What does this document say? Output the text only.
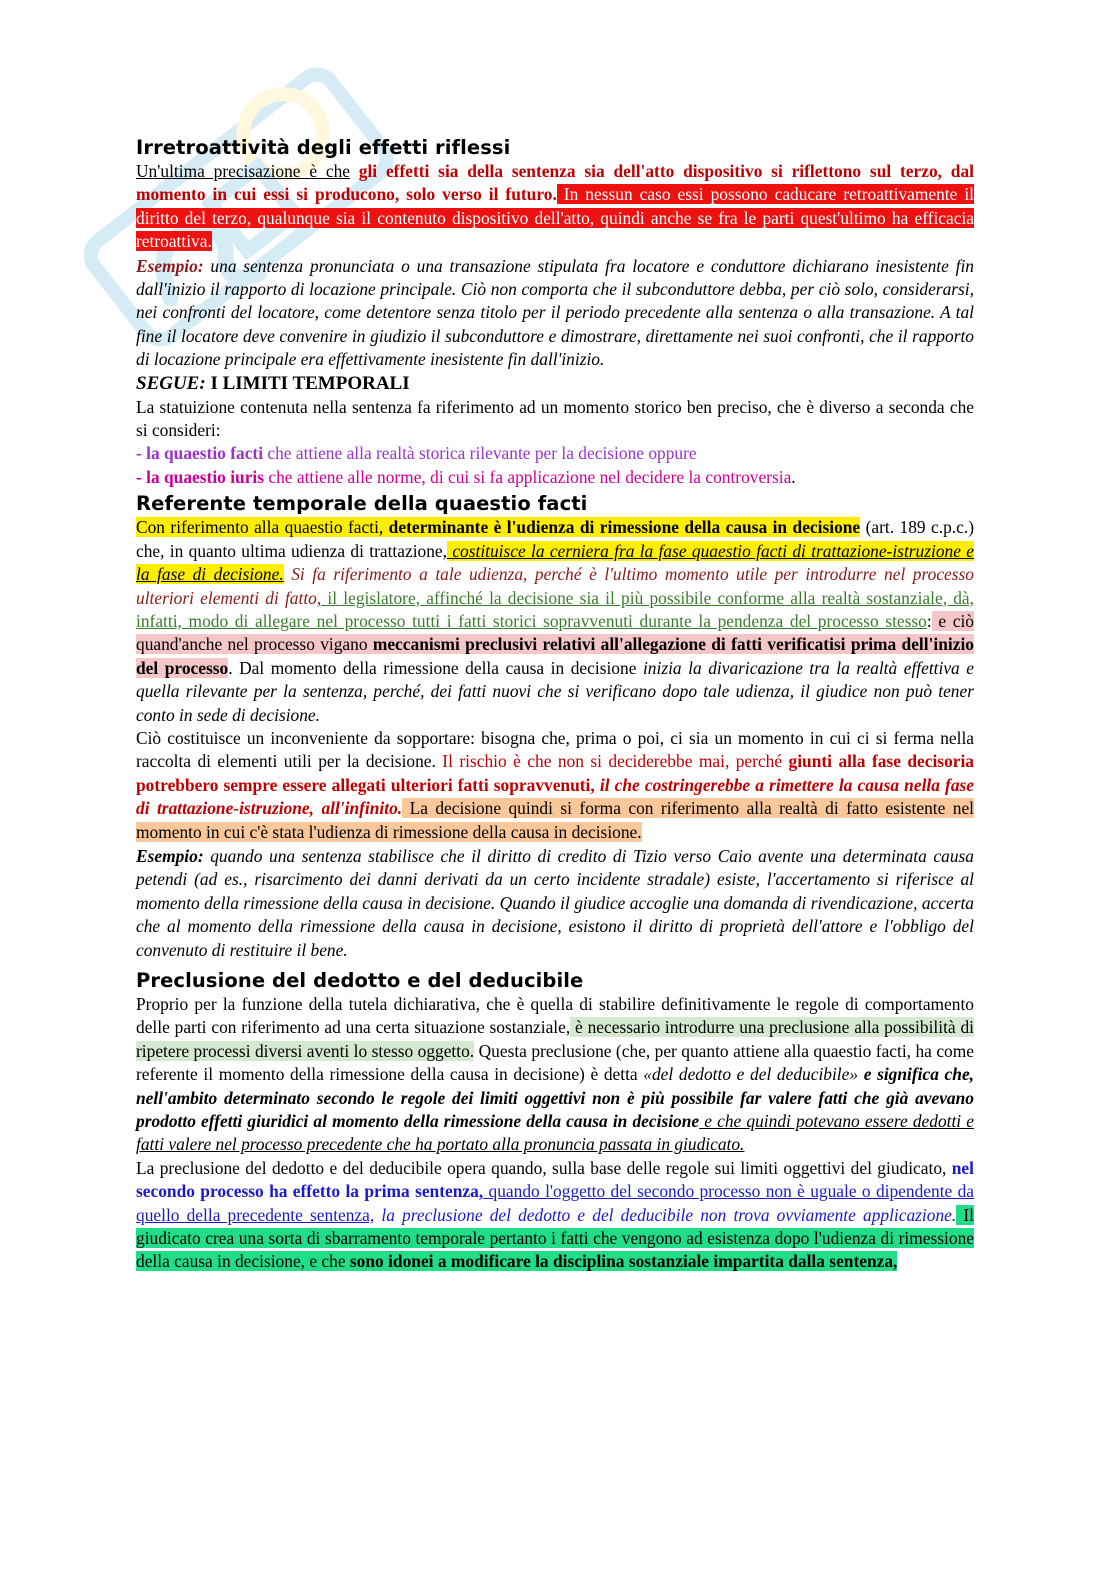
Irretroattività degli effetti riflessi

Un'ultima precisazione è che gli effetti sia della sentenza sia dell'atto dispositivo si riflettono sul terzo, dal momento in cui essi si producono, solo verso il futuro. In nessun caso essi possono caducare retroattivamente il diritto del terzo, qualunque sia il contenuto dispositivo dell'atto, quindi anche se fra le parti quest'ultimo ha efficacia retroattiva.

Esempio: una sentenza pronunciata o una transazione stipulata fra locatore e conduttore dichiarano inesistente fin dall'inizio il rapporto di locazione principale. Ciò non comporta che il subconduttore debba, per ciò solo, considerarsi, nei confronti del locatore, come detentore senza titolo per il periodo precedente alla sentenza o alla transazione. A tal fine il locatore deve convenire in giudizio il subconduttore e dimostrare, direttamente nei suoi confronti, che il rapporto di locazione principale era effettivamente inesistente fin dall'inizio.

SEGUE: I LIMITI TEMPORALI

La statuizione contenuta nella sentenza fa riferimento ad un momento storico ben preciso, che è diverso a seconda che si consideri:

- la quaestio facti che attiene alla realtà storica rilevante per la decisione oppure

- la quaestio iuris che attiene alle norme, di cui si fa applicazione nel decidere la controversia.

Referente temporale della quaestio facti

Con riferimento alla quaestio facti, determinante è l'udienza di rimessione della causa in decisione (art. 189 c.p.c.) che, in quanto ultima udienza di trattazione, costituisce la cerniera fra la fase quaestio facti di trattazione-istruzione e la fase di decisione. Si fa riferimento a tale udienza, perché è l'ultimo momento utile per introdurre nel processo ulteriori elementi di fatto, il legislatore, affinché la decisione sia il più possibile conforme alla realtà sostanziale, dà, infatti, modo di allegare nel processo tutti i fatti storici sopravvenuti durante la pendenza del processo stesso: e ciò quand'anche nel processo vigano meccanismi preclusivi relativi all'allegazione di fatti verificatisi prima dell'inizio del processo. Dal momento della rimessione della causa in decisione inizia la divaricazione tra la realtà effettiva e quella rilevante per la sentenza, perché, dei fatti nuovi che si verificano dopo tale udienza, il giudice non può tener conto in sede di decisione.

Ciò costituisce un inconveniente da sopportare: bisogna che, prima o poi, ci sia un momento in cui ci si ferma nella raccolta di elementi utili per la decisione. Il rischio è che non si deciderebbe mai, perché giunti alla fase decisoria potrebbero sempre essere allegati ulteriori fatti sopravvenuti, il che costringerebbe a rimettere la causa nella fase di trattazione-istruzione, all'infinito. La decisione quindi si forma con riferimento alla realtà di fatto esistente nel momento in cui c'è stata l'udienza di rimessione della causa in decisione.

Esempio: quando una sentenza stabilisce che il diritto di credito di Tizio verso Caio avente una determinata causa petendi (ad es., risarcimento dei danni derivati da un certo incidente stradale) esiste, l'accertamento si riferisce al momento della rimessione della causa in decisione. Quando il giudice accoglie una domanda di rivendicazione, accerta che al momento della rimessione della causa in decisione, esistono il diritto di proprietà dell'attore e l'obbligo del convenuto di restituire il bene.

Preclusione del dedotto e del deducibile

Proprio per la funzione della tutela dichiarativa, che è quella di stabilire definitivamente le regole di comportamento delle parti con riferimento ad una certa situazione sostanziale, è necessario introdurre una preclusione alla possibilità di ripetere processi diversi aventi lo stesso oggetto. Questa preclusione (che, per quanto attiene alla quaestio facti, ha come referente il momento della rimessione della causa in decisione) è detta «del dedotto e del deducibile» e significa che, nell'ambito determinato secondo le regole dei limiti oggettivi non è più possibile far valere fatti che già avevano prodotto effetti giuridici al momento della rimessione della causa in decisione e che quindi potevano essere dedotti e fatti valere nel processo precedente che ha portato alla pronuncia passata in giudicato.

La preclusione del dedotto e del deducibile opera quando, sulla base delle regole sui limiti oggettivi del giudicato, nel secondo processo ha effetto la prima sentenza, quando l'oggetto del secondo processo non è uguale o dipendente da quello della precedente sentenza, la preclusione del dedotto e del deducibile non trova ovviamente applicazione. Il giudicato crea una sorta di sbarramento temporale pertanto i fatti che vengono ad esistenza dopo l'udienza di rimessione della causa in decisione, e che sono idonei a modificare la disciplina sostanziale impartita dalla sentenza,
